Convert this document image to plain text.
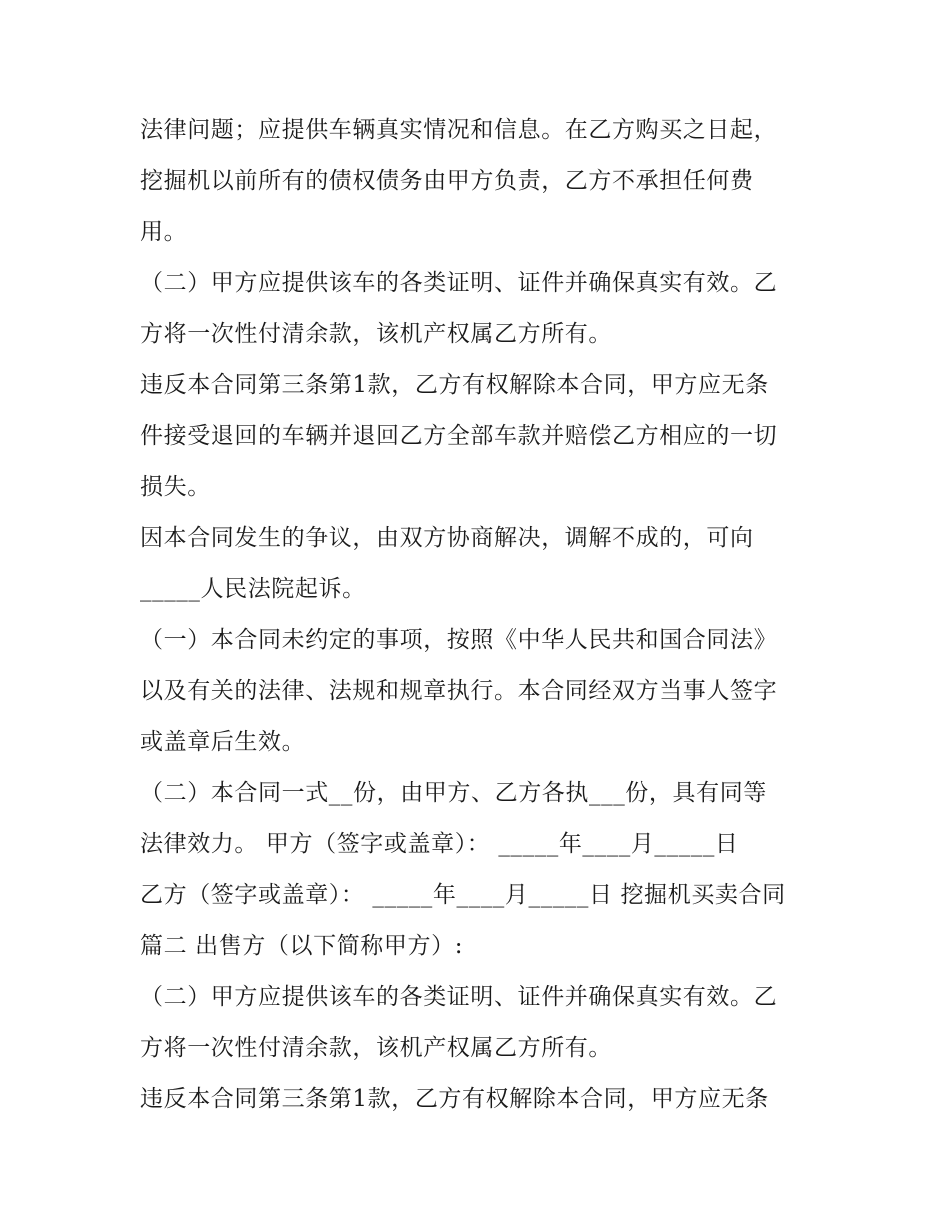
法律问题；应提供车辆真实情况和信息。在乙方购买之日起，
挖掘机以前所有的债权债务由甲方负责，乙方不承担任何费
用。
（二）甲方应提供该车的各类证明、证件并确保真实有效。乙
方将一次性付清余款，该机产权属乙方所有。
违反本合同第三条第1款，乙方有权解除本合同，甲方应无条
件接受退回的车辆并退回乙方全部车款并赔偿乙方相应的一切
损失。
因本合同发生的争议，由双方协商解决，调解不成的，可向
_____人民法院起诉。
（一）本合同未约定的事项，按照《中华人民共和国合同法》
以及有关的法律、法规和规章执行。本合同经双方当事人签字
或盖章后生效。
（二）本合同一式__份，由甲方、乙方各执___份，具有同等
法律效力。 甲方（签字或盖章）： _____年____月_____日
乙方（签字或盖章）： _____年____月_____日 挖掘机买卖合同
篇二 出售方（以下简称甲方）:
（二）甲方应提供该车的各类证明、证件并确保真实有效。乙
方将一次性付清余款，该机产权属乙方所有。
违反本合同第三条第1款，乙方有权解除本合同，甲方应无条
